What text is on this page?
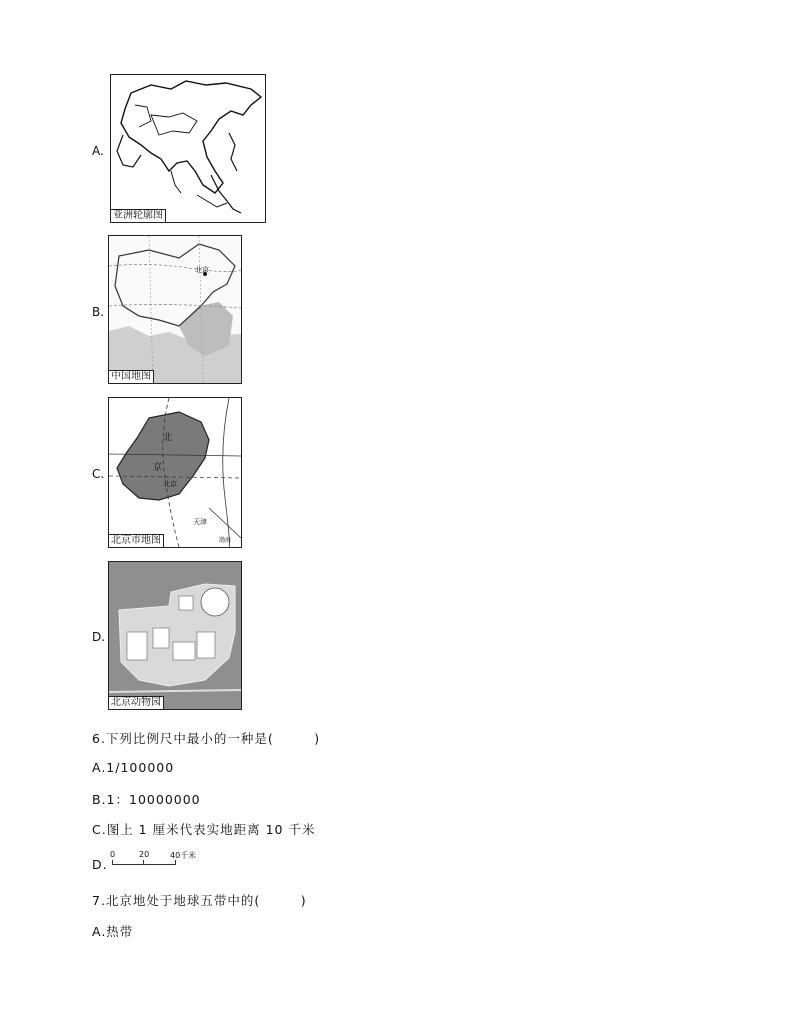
A.
亚洲轮廓图
B.
北京
中国地图
C.
北
京
北京
天津
渤海
北京市地图
D.
北京动物园
6.下列比例尺中最小的一种是(　　　)
A.1/100000
B.1：10000000
C.图上 1 厘米代表实地距离 10 千米
D.
0	20	40千米
7.北京地处于地球五带中的(　　　)
A.热带
